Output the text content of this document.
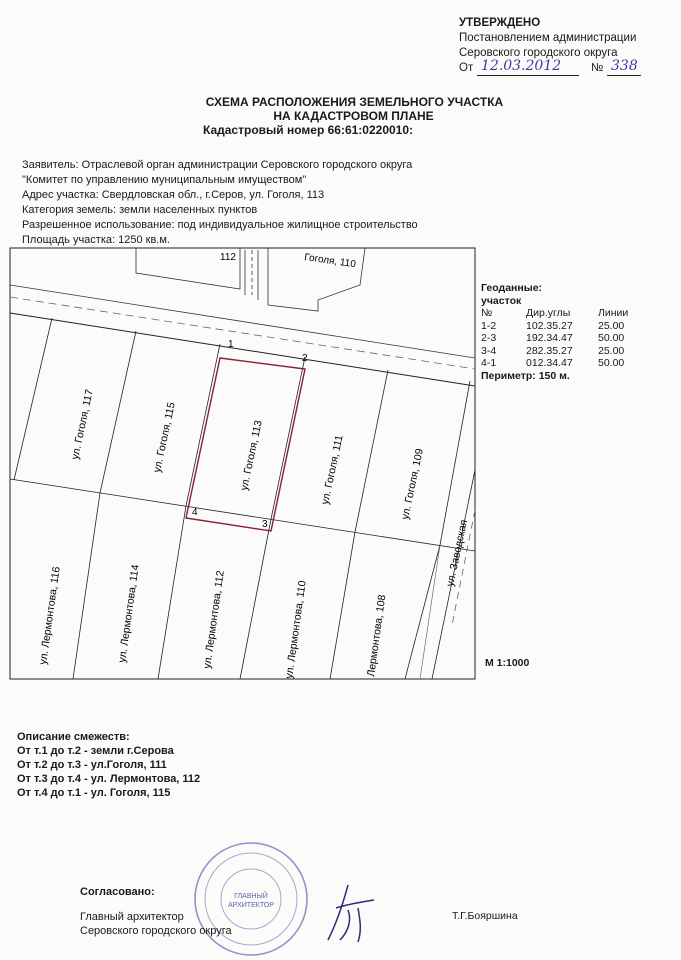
УТВЕРЖДЕНО
Постановлением администрации
Серовского городского округа
От 12.03.2012	№ 338
СХЕМА РАСПОЛОЖЕНИЯ ЗЕМЕЛЬНОГО УЧАСТКА
НА КАДАСТРОВОМ ПЛАНЕ
Кадастровый номер 66:61:0220010:
Заявитель: Отраслевой орган администрации Серовского городского округа
"Комитет по управлению муниципальным имуществом"
Адрес участка: Свердловская обл., г.Серов, ул. Гоголя, 113
Категория земель: земли населенных пунктов
Разрешенное использование: под индивидуальное жилищное строительство
Площадь участка: 1250 кв.м.
1
2
3
4
112	Гоголя, 110
ул. Гоголя, 117	ул. Гоголя, 115	ул. Гоголя, 113	ул. Гоголя, 111	ул. Гоголя, 109
ул. Лермонтова, 116	ул. Лермонтова, 114	ул. Лермонтова, 112	ул. Лермонтова, 110	Лермонтова, 108
ул. Заводская
Геоданные:
участок
№	Дир.углы	Линии
1-2	102.35.27	25.00
2-3	192.34.47	50.00
3-4	282.35.27	25.00
4-1	012.34.47	50.00
Периметр: 150 м.
М 1:1000
Описание смежеств:
От т.1 до т.2 - земли г.Серова
От т.2 до т.3 - ул.Гоголя, 111
От т.3 до т.4 - ул. Лермонтова, 112
От т.4 до т.1 - ул. Гоголя, 115
ГЛАВНЫЙ
АРХИТЕКТОР
Согласовано:
Главный архитектор
Серовского городского округа
Т.Г.Бояршина
